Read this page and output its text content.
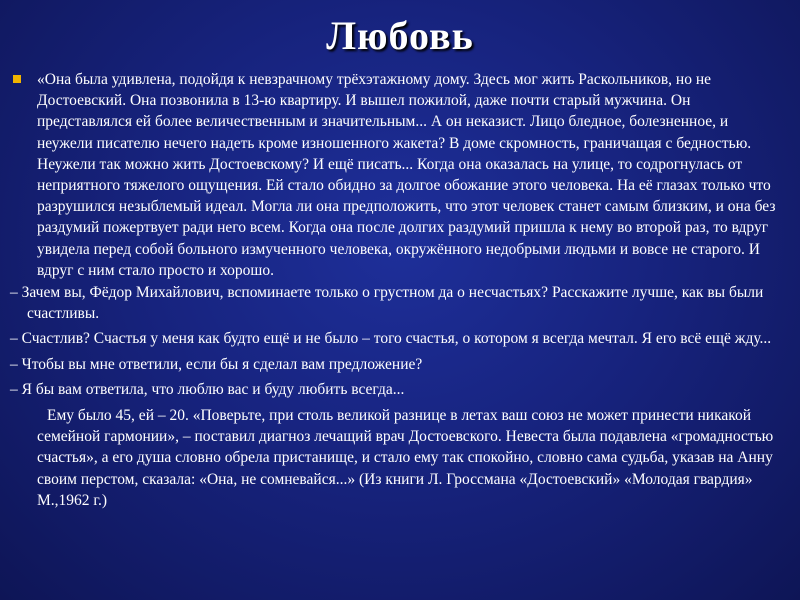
Любовь
«Она была удивлена, подойдя к невзрачному трёхэтажному дому. Здесь мог жить Раскольников, но не Достоевский. Она позвонила в 13-ю квартиру. И вышел пожилой, даже почти старый мужчина. Он представлялся ей более величественным и значительным... А он неказист. Лицо бледное, болезненное, и неужели писателю нечего надеть кроме изношенного жакета? В доме скромность, граничащая с бедностью. Неужели так можно жить Достоевскому? И ещё писать... Когда она оказалась на улице, то содрогнулась от неприятного тяжелого ощущения. Ей стало обидно за долгое обожание этого человека. На её глазах только что разрушился незыблемый идеал. Могла ли она предположить, что этот человек станет самым близким, и она без раздумий пожертвует ради него всем. Когда она после долгих раздумий пришла к нему во второй раз, то вдруг увидела перед собой больного измученного человека, окружённого недобрыми людьми и вовсе не старого. И вдруг с ним стало просто и хорошо.
– Зачем вы, Фёдор Михайлович, вспоминаете только о грустном да о несчастьях? Расскажите лучше, как вы были счастливы.
– Счастлив? Счастья у меня как будто ещё и не было – того счастья, о котором я всегда мечтал. Я его всё ещё жду...
– Чтобы вы мне ответили, если бы я сделал вам предложение?
– Я бы вам ответила, что люблю вас и буду любить всегда...
Ему было 45, ей – 20. «Поверьте, при столь великой разнице в летах ваш союз не может принести никакой семейной гармонии», – поставил диагноз лечащий врач Достоевского. Невеста была подавлена «громадностью счастья», а его душа словно обрела пристанище, и стало ему так спокойно, словно сама судьба, указав на Анну своим перстом, сказала: «Она, не сомневайся...» (Из книги Л. Гроссмана «Достоевский» «Молодая гвардия» М.,1962 г.)
